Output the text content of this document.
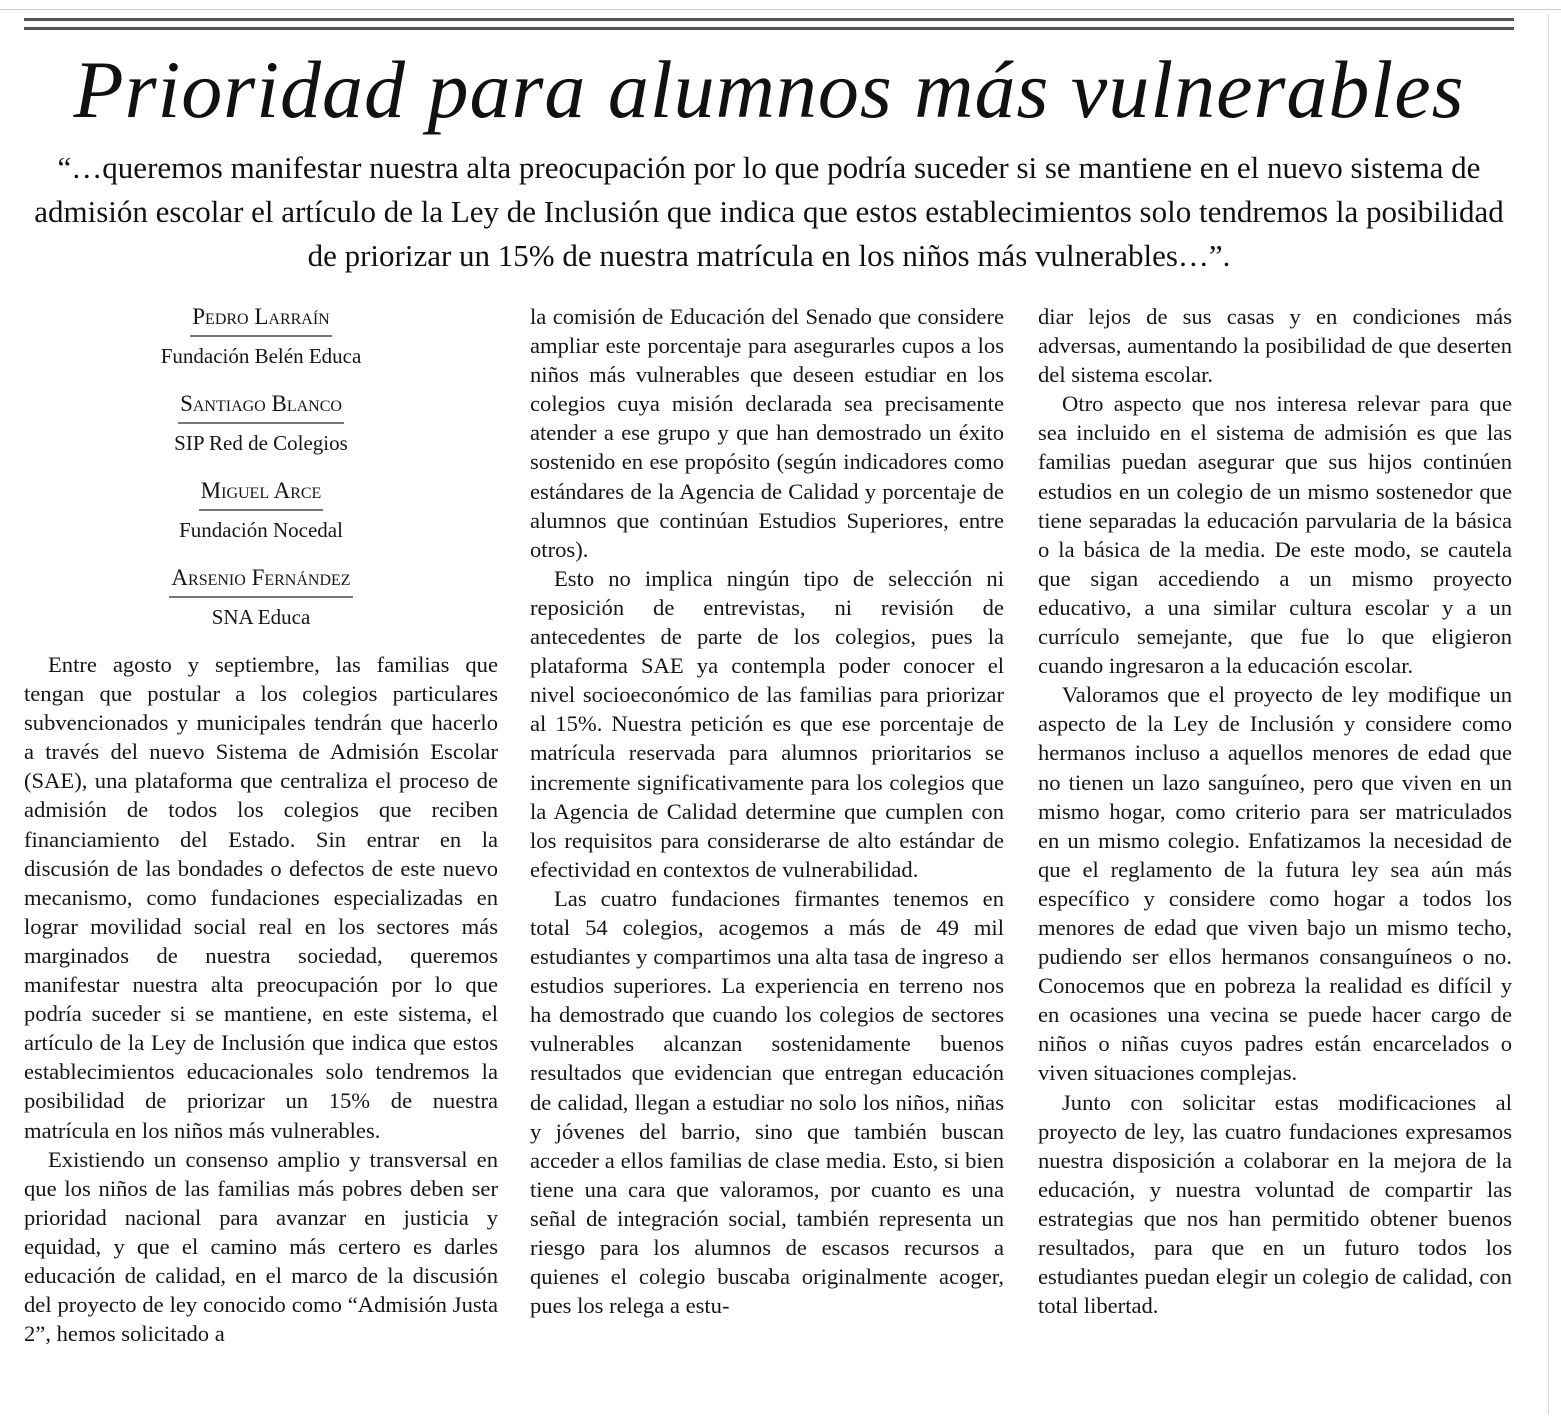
Prioridad para alumnos más vulnerables
“…queremos manifestar nuestra alta preocupación por lo que podría suceder si se mantiene en el nuevo sistema de admisión escolar el artículo de la Ley de Inclusión que indica que estos establecimientos solo tendremos la posibilidad de priorizar un 15% de nuestra matrícula en los niños más vulnerables…”.
Pedro Larraín
Fundación Belén Educa
Santiago Blanco
SIP Red de Colegios
Miguel Arce
Fundación Nocedal
Arsenio Fernández
SNA Educa

Entre agosto y septiembre, las familias que tengan que postular a los colegios particulares subvencionados y municipales tendrán que hacerlo a través del nuevo Sistema de Admisión Escolar (SAE), una plataforma que centraliza el proceso de admisión de todos los colegios que reciben financiamiento del Estado. Sin entrar en la discusión de las bondades o defectos de este nuevo mecanismo, como fundaciones especializadas en lograr movilidad social real en los sectores más marginados de nuestra sociedad, queremos manifestar nuestra alta preocupación por lo que podría suceder si se mantiene, en este sistema, el artículo de la Ley de Inclusión que indica que estos establecimientos educacionales solo tendremos la posibilidad de priorizar un 15% de nuestra matrícula en los niños más vulnerables.

Existiendo un consenso amplio y transversal en que los niños de las familias más pobres deben ser prioridad nacional para avanzar en justicia y equidad, y que el camino más certero es darles educación de calidad, en el marco de la discusión del proyecto de ley conocido como “Admisión Justa 2”, hemos solicitado a

la comisión de Educación del Senado que considere ampliar este porcentaje para asegurarles cupos a los niños más vulnerables que deseen estudiar en los colegios cuya misión declarada sea precisamente atender a ese grupo y que han demostrado un éxito sostenido en ese propósito (según indicadores como estándares de la Agencia de Calidad y porcentaje de alumnos que continúan Estudios Superiores, entre otros).

Esto no implica ningún tipo de selección ni reposición de entrevistas, ni revisión de antecedentes de parte de los colegios, pues la plataforma SAE ya contempla poder conocer el nivel socioeconómico de las familias para priorizar al 15%. Nuestra petición es que ese porcentaje de matrícula reservada para alumnos prioritarios se incremente significativamente para los colegios que la Agencia de Calidad determine que cumplen con los requisitos para considerarse de alto estándar de efectividad en contextos de vulnerabilidad.

Las cuatro fundaciones firmantes tenemos en total 54 colegios, acogemos a más de 49 mil estudiantes y compartimos una alta tasa de ingreso a estudios superiores. La experiencia en terreno nos ha demostrado que cuando los colegios de sectores vulnerables alcanzan sostenidamente buenos resultados que evidencian que entregan educación de calidad, llegan a estudiar no solo los niños, niñas y jóvenes del barrio, sino que también buscan acceder a ellos familias de clase media. Esto, si bien tiene una cara que valoramos, por cuanto es una señal de integración social, también representa un riesgo para los alumnos de escasos recursos a quienes el colegio buscaba originalmente acoger, pues los relega a estu-

diar lejos de sus casas y en condiciones más adversas, aumentando la posibilidad de que deserten del sistema escolar.

Otro aspecto que nos interesa relevar para que sea incluido en el sistema de admisión es que las familias puedan asegurar que sus hijos continúen estudios en un colegio de un mismo sostenedor que tiene separadas la educación parvularia de la básica o la básica de la media. De este modo, se cautela que sigan accediendo a un mismo proyecto educativo, a una similar cultura escolar y a un currículo semejante, que fue lo que eligieron cuando ingresaron a la educación escolar.

Valoramos que el proyecto de ley modifique un aspecto de la Ley de Inclusión y considere como hermanos incluso a aquellos menores de edad que no tienen un lazo sanguíneo, pero que viven en un mismo hogar, como criterio para ser matriculados en un mismo colegio. Enfatizamos la necesidad de que el reglamento de la futura ley sea aún más específico y considere como hogar a todos los menores de edad que viven bajo un mismo techo, pudiendo ser ellos hermanos consanguíneos o no. Conocemos que en pobreza la realidad es difícil y en ocasiones una vecina se puede hacer cargo de niños o niñas cuyos padres están encarcelados o viven situaciones complejas.

Junto con solicitar estas modificaciones al proyecto de ley, las cuatro fundaciones expresamos nuestra disposición a colaborar en la mejora de la educación, y nuestra voluntad de compartir las estrategias que nos han permitido obtener buenos resultados, para que en un futuro todos los estudiantes puedan elegir un colegio de calidad, con total libertad.
